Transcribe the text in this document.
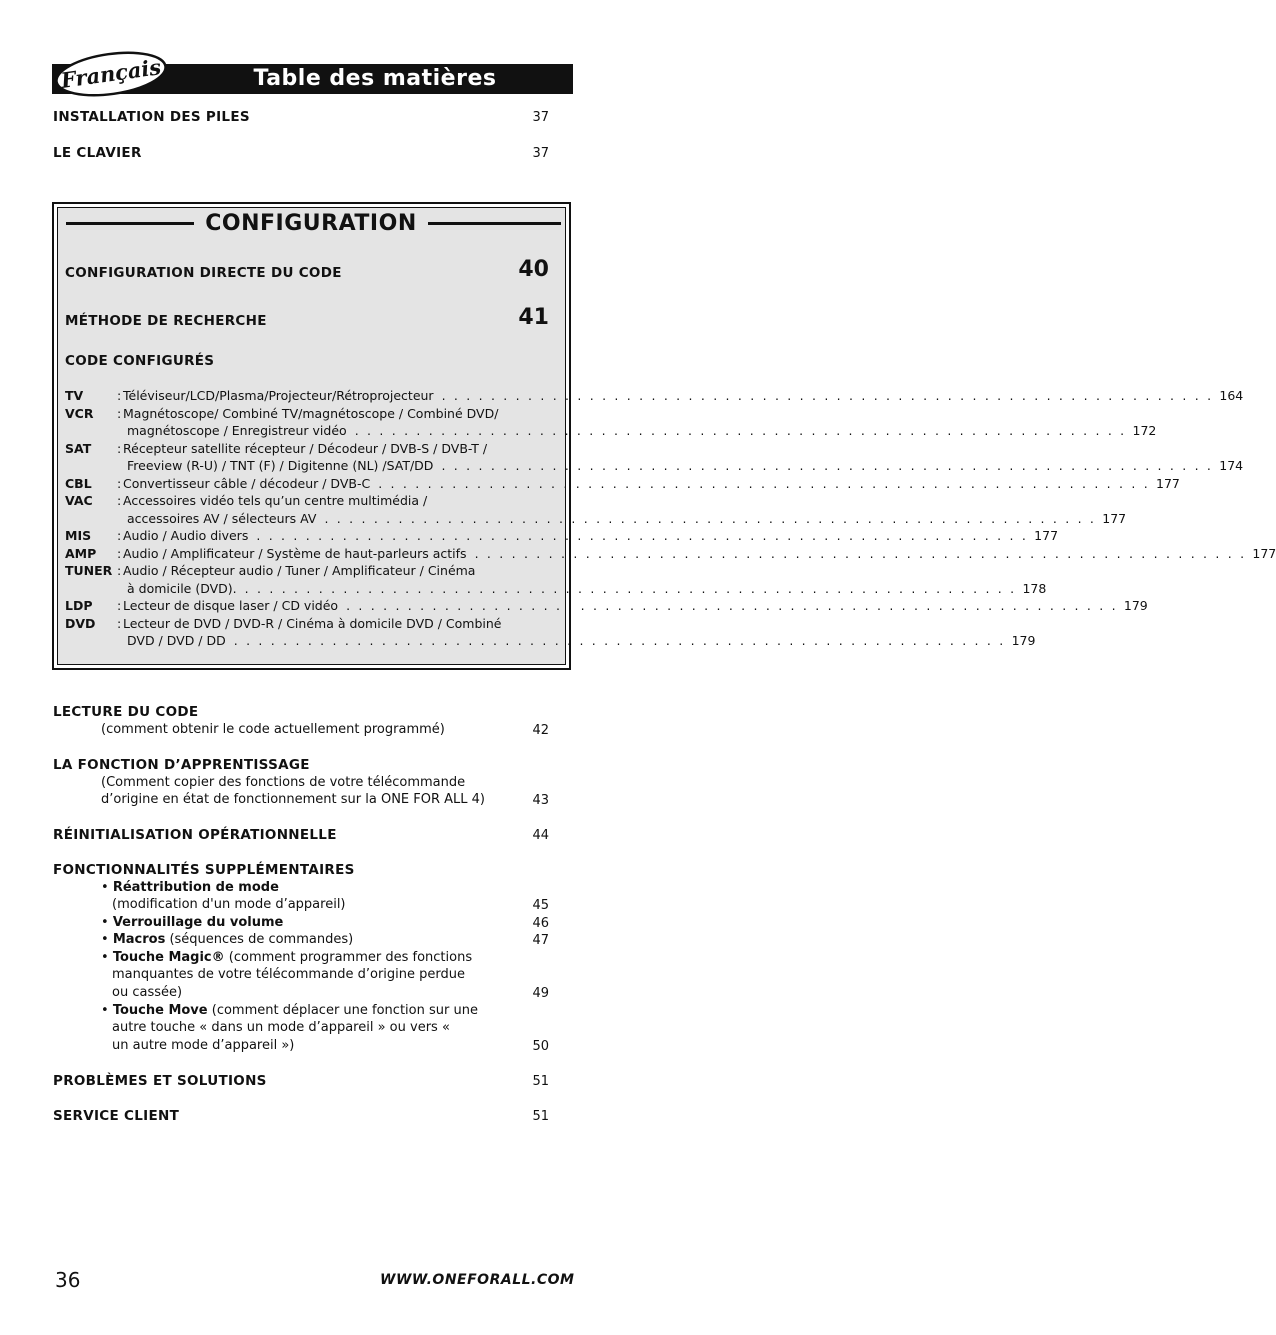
Table des matières
Français
INSTALLATION DES PILES	37
LE CLAVIER	37
CONFIGURATION
CONFIGURATION DIRECTE DU CODE	40
MÉTHODE DE RECHERCHE	41
CODE CONFIGURÉS
TV	: Téléviseur/LCD/Plasma/Projecteur/Rétroprojecteur . . . . . . . . . . . . . . . . . . . . . . . . . . . . . . . . . . . . . . . . . . . . . . . . . . . . . . . . . . . . . . . 164
VCR : Magnétoscope/ Combiné TV/magnétoscope / Combiné DVD/
magnétoscope / Enregistreur vidéo . . . . . . . . . . . . . . . . . . . . . . . . . . . . . . . . . . . . . . . . . . . . . . . . . . . . . . . . . . . . . . . 172
SAT : Récepteur satellite récepteur / Décodeur / DVB-S / DVB-T /
Freeview (R-U) / TNT (F) / Digitenne (NL) /SAT/DD . . . . . . . . . . . . . . . . . . . . . . . . . . . . . . . . . . . . . . . . . . . . . . . . . . . . . . . . . . . . . . . 174
CBL : Convertisseur câble / décodeur / DVB-C . . . . . . . . . . . . . . . . . . . . . . . . . . . . . . . . . . . . . . . . . . . . . . . . . . . . . . . . . . . . . . . 177
VAC : Accessoires vidéo tels qu’un centre multimédia /
accessoires AV / sélecteurs AV . . . . . . . . . . . . . . . . . . . . . . . . . . . . . . . . . . . . . . . . . . . . . . . . . . . . . . . . . . . . . . . 177
MIS : Audio / Audio divers . . . . . . . . . . . . . . . . . . . . . . . . . . . . . . . . . . . . . . . . . . . . . . . . . . . . . . . . . . . . . . . 177
AMP : Audio / Amplificateur / Système de haut-parleurs actifs . . . . . . . . . . . . . . . . . . . . . . . . . . . . . . . . . . . . . . . . . . . . . . . . . . . . . . . . . . . . . . . 177
TUNER : Audio / Récepteur audio / Tuner / Amplificateur / Cinéma
à domicile (DVD). . . . . . . . . . . . . . . . . . . . . . . . . . . . . . . . . . . . . . . . . . . . . . . . . . . . . . . . . . . . . . . . 178
LDP : Lecteur de disque laser / CD vidéo . . . . . . . . . . . . . . . . . . . . . . . . . . . . . . . . . . . . . . . . . . . . . . . . . . . . . . . . . . . . . . . 179
DVD : Lecteur de DVD / DVD-R / Cinéma à domicile DVD / Combiné
DVD / DVD / DD . . . . . . . . . . . . . . . . . . . . . . . . . . . . . . . . . . . . . . . . . . . . . . . . . . . . . . . . . . . . . . . 179
LECTURE DU CODE
(comment obtenir le code actuellement programmé)	42
LA FONCTION D’APPRENTISSAGE
(Comment copier des fonctions de votre télécommande
d’origine en état de fonctionnement sur la ONE FOR ALL 4)	43
RÉINITIALISATION OPÉRATIONNELLE	44
FONCTIONNALITÉS SUPPLÉMENTAIRES
• Réattribution de mode
(modification d'un mode d’appareil)	45
• Verrouillage du volume	46
• Macros (séquences de commandes)	47
• Touche Magic® (comment programmer des fonctions
manquantes de votre télécommande d’origine perdue
ou cassée)	49
• Touche Move (comment déplacer une fonction sur une
autre touche « dans un mode d’appareil » ou vers «
un autre mode d’appareil »)	50
PROBLÈMES ET SOLUTIONS	51
SERVICE CLIENT	51
36	WWW.ONEFORALL.COM
